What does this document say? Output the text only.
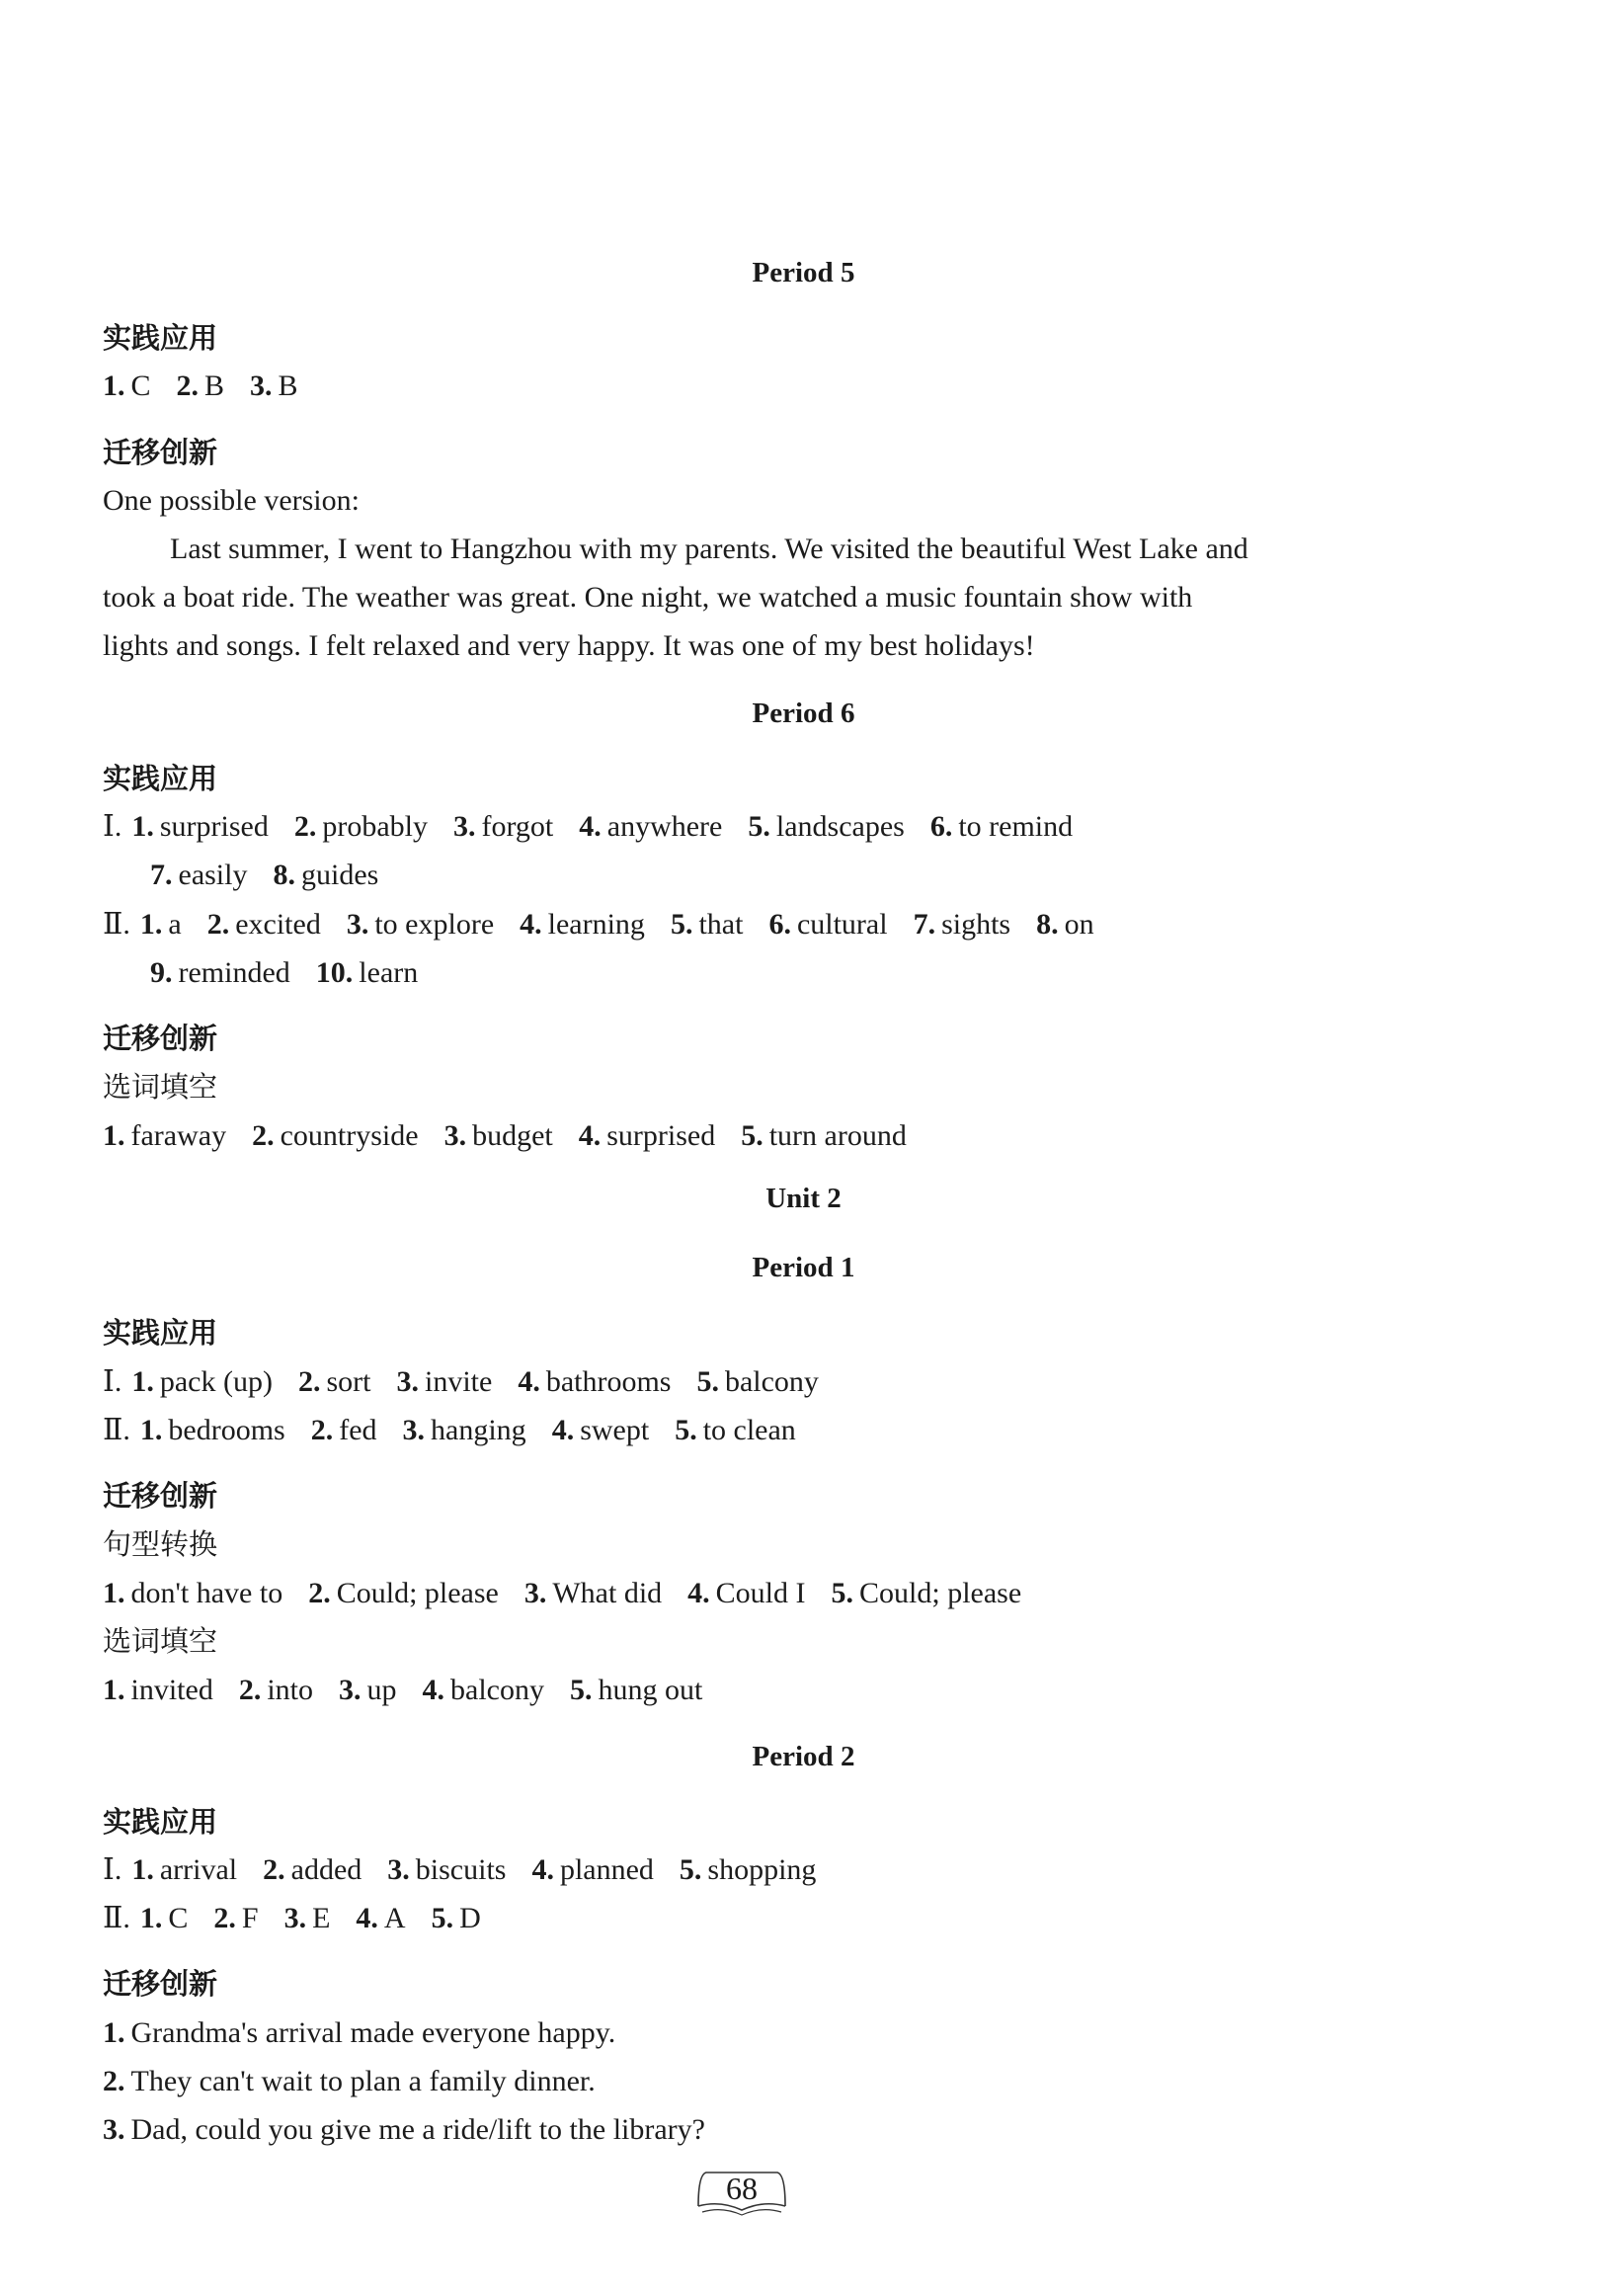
Period 5
实践应用
1. C 2. B 3. B
迁移创新
One possible version:
Last summer, I went to Hangzhou with my parents. We visited the beautiful West Lake and
took a boat ride. The weather was great. One night, we watched a music fountain show with
lights and songs. I felt relaxed and very happy. It was one of my best holidays!
Period 6
实践应用
Ⅰ. 1. surprised 2. probably 3. forgot 4. anywhere 5. landscapes 6. to remind
7. easily 8. guides
Ⅱ. 1. a 2. excited 3. to explore 4. learning 5. that 6. cultural 7. sights 8. on
9. reminded 10. learn
迁移创新
选词填空
1. faraway 2. countryside 3. budget 4. surprised 5. turn around
Unit 2
Period 1
实践应用
Ⅰ. 1. pack (up) 2. sort 3. invite 4. bathrooms 5. balcony
Ⅱ. 1. bedrooms 2. fed 3. hanging 4. swept 5. to clean
迁移创新
句型转换
1. don't have to 2. Could; please 3. What did 4. Could I 5. Could; please
选词填空
1. invited 2. into 3. up 4. balcony 5. hung out
Period 2
实践应用
Ⅰ. 1. arrival 2. added 3. biscuits 4. planned 5. shopping
Ⅱ. 1. C 2. F 3. E 4. A 5. D
迁移创新
1. Grandma's arrival made everyone happy.
2. They can't wait to plan a family dinner.
3. Dad, could you give me a ride/lift to the library?
68
